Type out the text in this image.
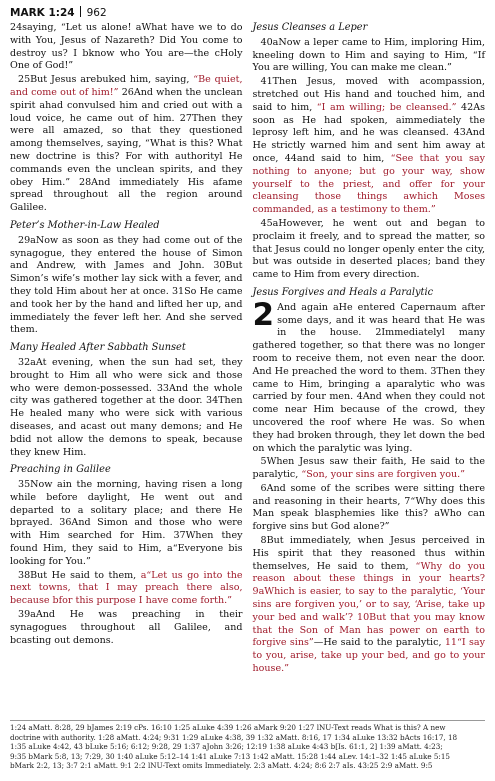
MARK 1:24 962

24saying, “Let us alone! aWhat have we to do with You, Jesus of Nazareth? Did You come to destroy us? I bknow who You are—the cHoly One of God!”

25But Jesus arebuked him, saying, “Be quiet, and come out of him!” 26And when the unclean spirit ahad convulsed him and cried out with a loud voice, he came out of him. 27Then they were all amazed, so that they questioned among themselves, saying, “What is this? What new doctrine is this? For with authorityl He commands even the unclean spirits, and they obey Him.” 28And immediately His afame spread throughout all the region around Galilee.

Peter’s Mother-in-Law Healed

29aNow as soon as they had come out of the synagogue, they entered the house of Simon and Andrew, with James and John. 30But Simon’s wife’s mother lay sick with a fever, and they told Him about her at once. 31So He came and took her by the hand and lifted her up, and immediately the fever left her. And she served them.

Many Healed After Sabbath Sunset

32aAt evening, when the sun had set, they brought to Him all who were sick and those who were demon-possessed. 33And the whole city was gathered together at the door. 34Then He healed many who were sick with various diseases, and acast out many demons; and He bdid not allow the demons to speak, because they knew Him.

Preaching in Galilee

35Now ain the morning, having risen a long while before daylight, He went out and departed to a solitary place; and there He bprayed. 36And Simon and those who were with Him searched for Him. 37When they found Him, they said to Him, a“Everyone bis looking for You.”

38But He said to them, a“Let us go into the next towns, that I may preach there also, because bfor this purpose I have come forth.”

39aAnd He was preaching in their synagogues throughout all Galilee, and bcasting out demons.

Jesus Cleanses a Leper

40aNow a leper came to Him, imploring Him, kneeling down to Him and saying to Him, “If You are willing, You can make me clean.”

41Then Jesus, moved with acompassion, stretched out His hand and touched him, and said to him, “I am willing; be cleansed.” 42As soon as He had spoken, aimmediately the leprosy left him, and he was cleansed. 43And He strictly warned him and sent him away at once, 44and said to him, “See that you say nothing to anyone; but go your way, show yourself to the priest, and offer for your cleansing those things awhich Moses commanded, as a testimony to them.”

45aHowever, he went out and began to proclaim it freely, and to spread the matter, so that Jesus could no longer openly enter the city, but was outside in deserted places; band they came to Him from every direction.

Jesus Forgives and Heals a Paralytic

2 And again aHe entered Capernaum after some days, and it was heard that He was in the house. 2Immediatelyl many gathered together, so that there was no longer room to receive them, not even near the door. And He preached the word to them. 3Then they came to Him, bringing a aparalytic who was carried by four men. 4And when they could not come near Him because of the crowd, they uncovered the roof where He was. So when they had broken through, they let down the bed on which the paralytic was lying.

5When Jesus saw their faith, He said to the paralytic, “Son, your sins are forgiven you.”

6And some of the scribes were sitting there and reasoning in their hearts, 7“Why does this Man speak blasphemies like this? aWho can forgive sins but God alone?”

8But immediately, when Jesus perceived in His spirit that they reasoned thus within themselves, He said to them, “Why do you reason about these things in your hearts? 9aWhich is easier, to say to the paralytic, ‘Your sins are forgiven you,’ or to say, ‘Arise, take up your bed and walk’? 10But that you may know that the Son of Man has power on earth to forgive sins”—He said to the paralytic, 11“I say to you, arise, take up your bed, and go to your house.”

1:24 aMatt. 8:28, 29 bJames 2:19 cPs. 16:10 1:25 aLuke 4:39 1:26 aMark 9:20 1:27 lNU-Text reads What is this? A new
doctrine with authority. 1:28 aMatt. 4:24; 9:31 1:29 aLuke 4:38, 39 1:32 aMatt. 8:16, 17 1:34 aLuke 13:32 bActs 16:17, 18
1:35 aLuke 4:42, 43 bLuke 5:16; 6:12; 9:28, 29 1:37 aJohn 3:26; 12:19 1:38 aLuke 4:43 b[Is. 61:1, 2] 1:39 aMatt. 4:23;
9:35 bMark 5:8, 13; 7:29, 30 1:40 aLuke 5:12–14 1:41 aLuke 7:13 1:42 aMatt. 15:28 1:44 aLev. 14:1–32 1:45 aLuke 5:15
bMark 2:2, 13; 3:7 2:1 aMatt. 9:1 2:2 lNU-Text omits Immediately. 2:3 aMatt. 4:24; 8:6 2:7 aIs. 43:25 2:9 aMatt. 9:5
